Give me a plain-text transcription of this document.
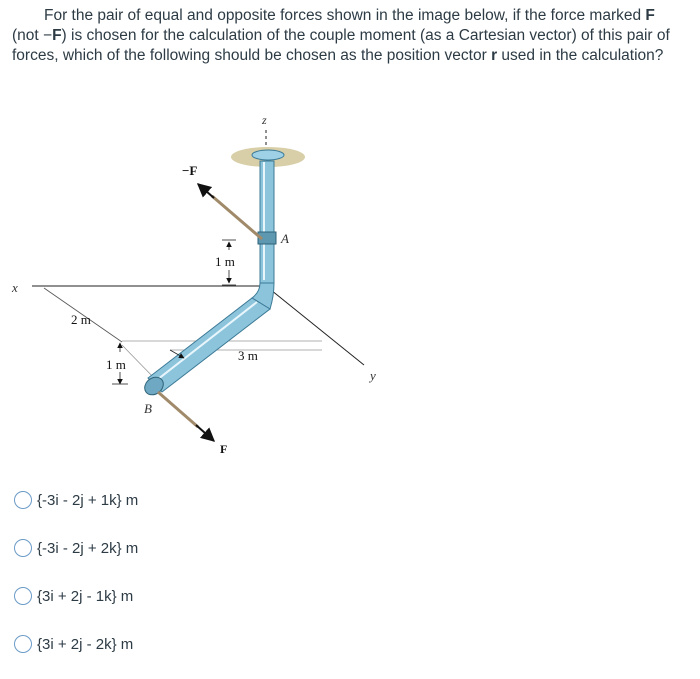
For the pair of equal and opposite forces shown in the image below, if the force marked F (not −F) is chosen for the calculation of the couple moment (as a Cartesian vector) of this pair of forces, which of the following should be chosen as the position vector r used in the calculation?

z
x
y
−F
F
A
B
1 m
2 m
1 m
3 m
{-3i - 2j + 1k} m
{-3i - 2j + 2k} m
{3i + 2j - 1k} m
{3i + 2j - 2k} m
